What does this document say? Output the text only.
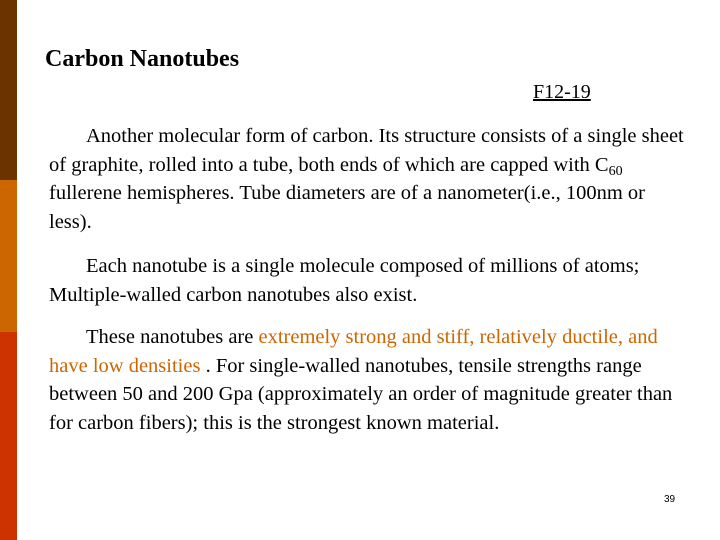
Carbon Nanotubes
F12-19

Another molecular form of carbon. Its structure consists of a single sheet of graphite, rolled into a tube, both ends of which are capped with $C_{60}$ fullerene hemispheres. Tube diameters are of a nanometer(i.e., 100nm or less).

Each nanotube is a single molecule composed of millions of atoms; Multiple-walled carbon nanotubes also exist.

These nanotubes are extremely strong and stiff, relatively ductile, and have low densities . For single-walled nanotubes, tensile strengths range between 50 and 200 Gpa (approximately an order of magnitude greater than for carbon fibers); this is the strongest known material.

39
